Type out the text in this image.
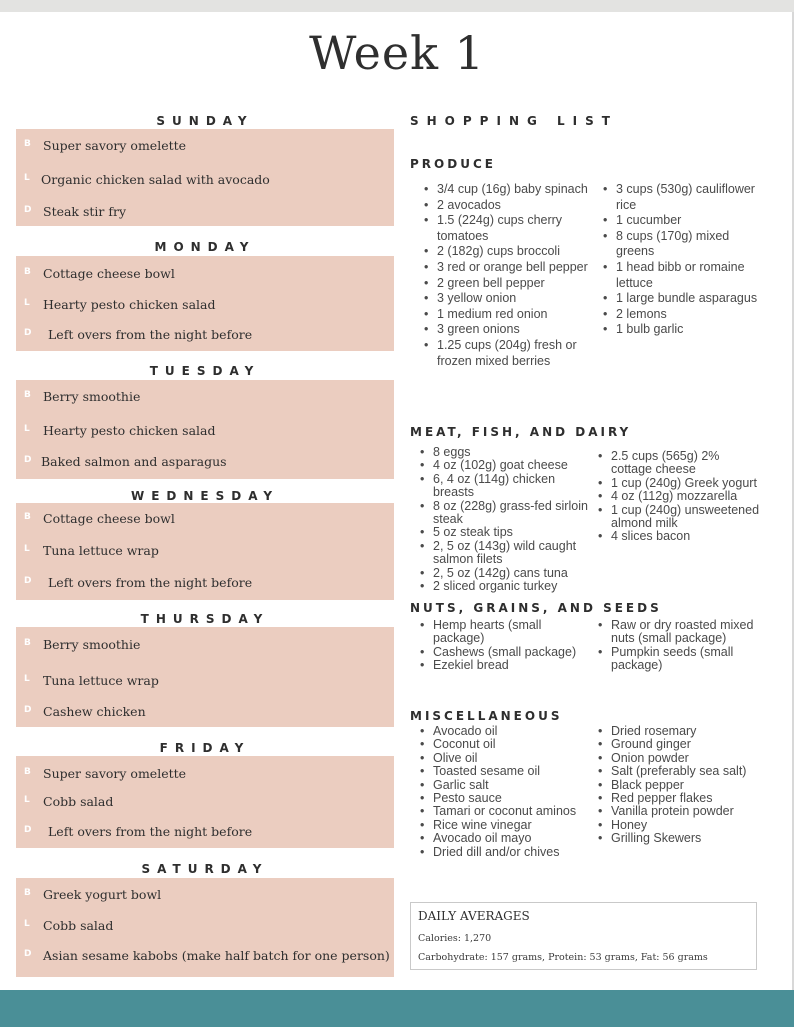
Week 1
SUNDAY
B Super savory omelette
L Organic chicken salad with avocado
D Steak stir fry
MONDAY
B Cottage cheese bowl
L Hearty pesto chicken salad
D Left overs from the night before
TUESDAY
B Berry smoothie
L Hearty pesto chicken salad
D Baked salmon and asparagus
WEDNESDAY
B Cottage cheese bowl
L Tuna lettuce wrap
D Left overs from the night before
THURSDAY
B Berry smoothie
L Tuna lettuce wrap
D Cashew chicken
FRIDAY
B Super savory omelette
L Cobb salad
D Left overs from the night before
SATURDAY
B Greek yogurt bowl
L Cobb salad
D Asian sesame kabobs (make half batch for one person)
SHOPPING LIST
PRODUCE
• 3/4 cup (16g) baby spinach
• 2 avocados
• 1.5 (224g) cups cherry tomatoes
• 2 (182g) cups broccoli
• 3 red or orange bell pepper
• 2 green bell pepper
• 3 yellow onion
• 1 medium red onion
• 3 green onions
• 1.25 cups (204g) fresh or frozen mixed berries
• 3 cups (530g) cauliflower rice
• 1 cucumber
• 8 cups (170g) mixed greens
• 1 head bibb or romaine lettuce
• 1 large bundle asparagus
• 2 lemons
• 1 bulb garlic
MEAT, FISH, AND DAIRY
• 8 eggs
• 4 oz (102g) goat cheese
• 6, 4 oz (114g) chicken breasts
• 8 oz (228g) grass-fed sirloin steak
• 5 oz steak tips
• 2, 5 oz (143g) wild caught salmon filets
• 2, 5 oz (142g) cans tuna
• 2 sliced organic turkey
• 2.5 cups (565g) 2% cottage cheese
• 1 cup (240g) Greek yogurt
• 4 oz (112g) mozzarella
• 1 cup (240g) unsweetened almond milk
• 4 slices bacon
NUTS, GRAINS, AND SEEDS
• Hemp hearts (small package)
• Cashews (small package)
• Ezekiel bread
• Raw or dry roasted mixed nuts (small package)
• Pumpkin seeds (small package)
MISCELLANEOUS
• Avocado oil
• Coconut oil
• Olive oil
• Toasted sesame oil
• Garlic salt
• Pesto sauce
• Tamari or coconut aminos
• Rice wine vinegar
• Avocado oil mayo
• Dried dill and/or chives
• Dried rosemary
• Ground ginger
• Onion powder
• Salt (preferably sea salt)
• Black pepper
• Red pepper flakes
• Vanilla protein powder
• Honey
• Grilling Skewers
DAILY AVERAGES
Calories: 1,270
Carbohydrate: 157 grams, Protein: 53 grams, Fat: 56 grams
